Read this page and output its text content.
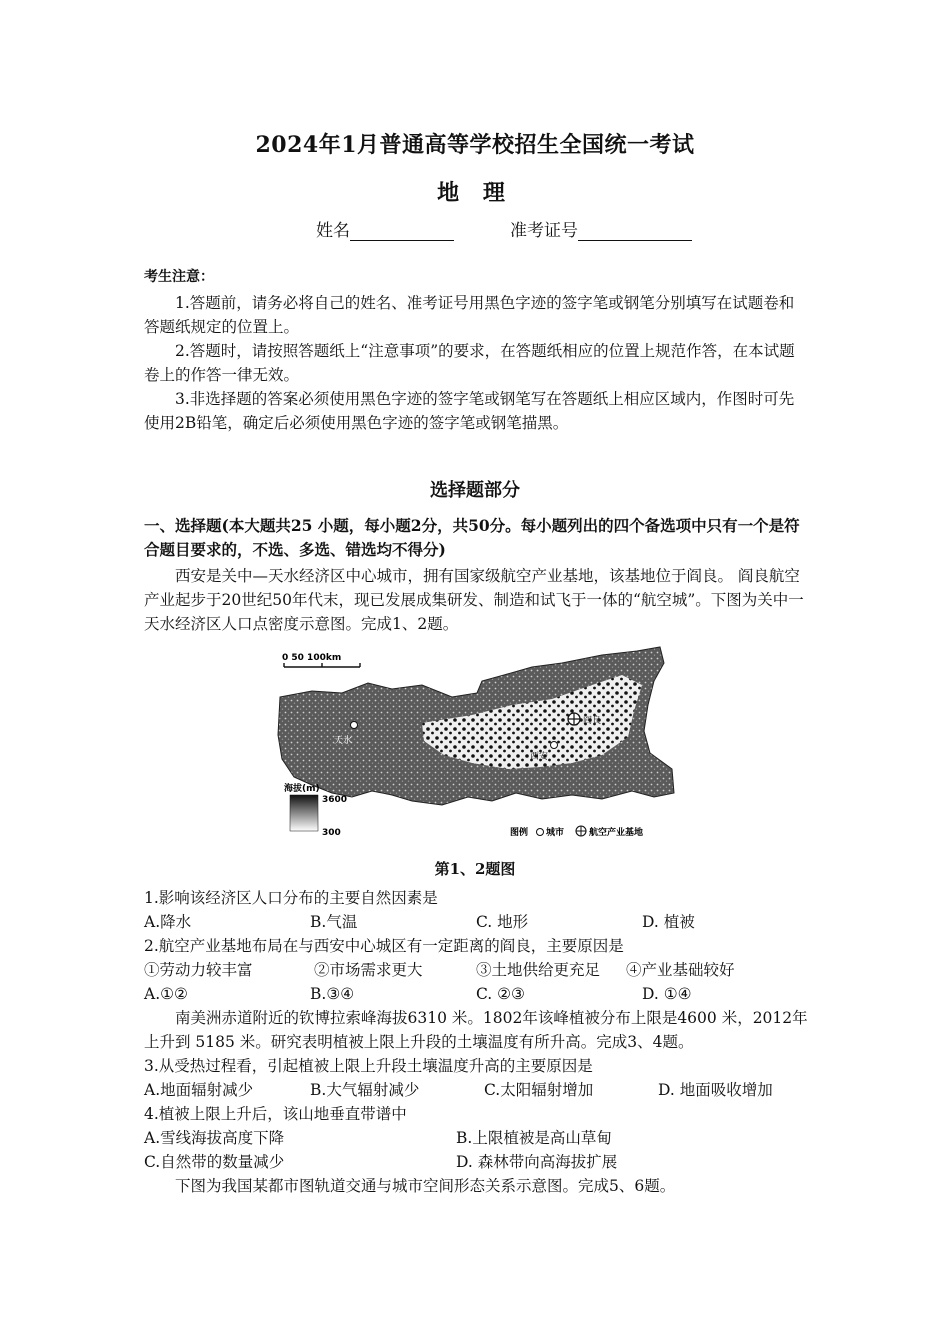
2024年1月普通高等学校招生全国统一考试
地 理
姓名	准考证号
考生注意：

1.答题前，请务必将自己的姓名、准考证号用黑色字迹的签字笔或钢笔分别填写在试题卷和答题纸规定的位置上。

2.答题时，请按照答题纸上“注意事项”的要求，在答题纸相应的位置上规范作答，在本试题卷上的作答一律无效。

3.非选择题的答案必须使用黑色字迹的签字笔或钢笔写在答题纸上相应区域内，作图时可先使用2B铅笔，确定后必须使用黑色字迹的签字笔或钢笔描黑。

选择题部分
一、选择题(本大题共25 小题，每小题2分，共50分。每小题列出的四个备选项中只有一个是符合题目要求的，不选、多选、错选均不得分)

西安是关中—天水经济区中心城市，拥有国家级航空产业基地，该基地位于阎良。 阎良航空产业起步于20世纪50年代末，现已发展成集研发、制造和试飞于一体的“航空城”。下图为关中一天水经济区人口点密度示意图。完成1、2题。

0 50 100km
天水
西安
阎良
海拔(m)
3600
300	图例 城市	航空产业基地
第1、2题图
1.影响该经济区人口分布的主要自然因素是
A.降水	B.气温	C. 地形	D. 植被
2.航空产业基地布局在与西安中心城区有一定距离的阎良，主要原因是
①劳动力较丰富	②市场需求更大	③土地供给更充足	④产业基础较好
A.①②	B.③④	C. ②③	D. ①④

南美洲赤道附近的钦博拉索峰海拔6310 米。1802年该峰植被分布上限是4600 米，2012年上升到 5185 米。研究表明植被上限上升段的土壤温度有所升高。完成3、4题。

3.从受热过程看，引起植被上限上升段土壤温度升高的主要原因是
A.地面辐射减少	B.大气辐射减少	C.太阳辐射增加	D. 地面吸收增加
4.植被上限上升后，该山地垂直带谱中
A.雪线海拔高度下降	B.上限植被是高山草甸
C.自然带的数量减少	D. 森林带向高海拔扩展

下图为我国某都市图轨道交通与城市空间形态关系示意图。完成5、6题。
